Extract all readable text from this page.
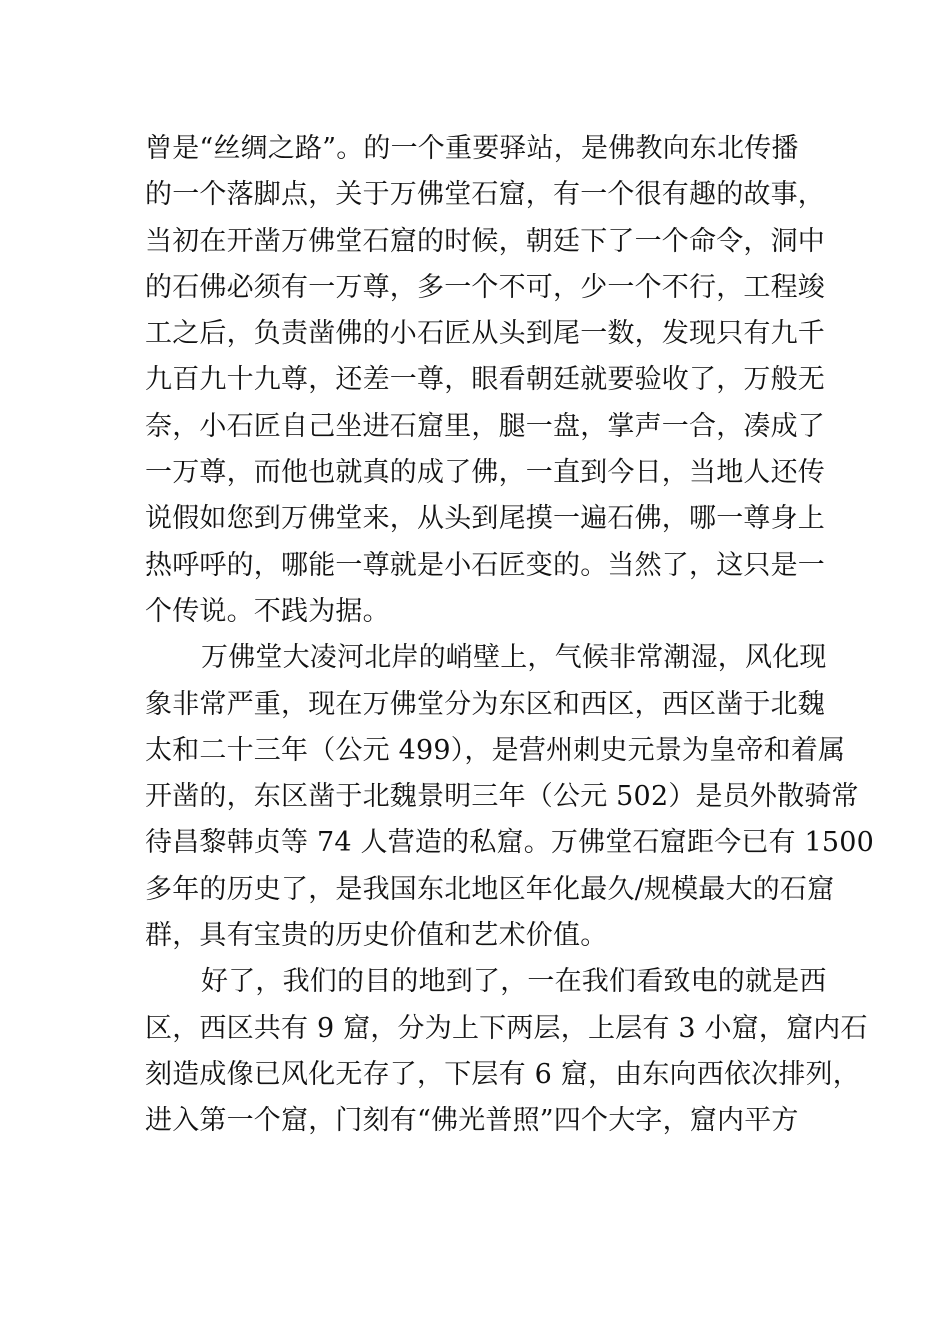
曾是“丝绸之路”。的一个重要驿站，是佛教向东北传播
的一个落脚点，关于万佛堂石窟，有一个很有趣的故事，
当初在开凿万佛堂石窟的时候，朝廷下了一个命令，洞中
的石佛必须有一万尊，多一个不可，少一个不行，工程竣
工之后，负责凿佛的小石匠从头到尾一数，发现只有九千
九百九十九尊，还差一尊，眼看朝廷就要验收了，万般无
奈，小石匠自己坐进石窟里，腿一盘，掌声一合，凑成了
一万尊，而他也就真的成了佛，一直到今日，当地人还传
说假如您到万佛堂来，从头到尾摸一遍石佛，哪一尊身上
热呼呼的，哪能一尊就是小石匠变的。当然了，这只是一
个传说。不践为据。
万佛堂大凌河北岸的峭壁上，气候非常潮湿，风化现
象非常严重，现在万佛堂分为东区和西区，西区凿于北魏
太和二十三年（公元 499），是营州刺史元景为皇帝和着属
开凿的，东区凿于北魏景明三年（公元 502）是员外散骑常
待昌黎韩贞等 74 人营造的私窟。万佛堂石窟距今已有 1500
多年的历史了，是我国东北地区年化最久/规模最大的石窟
群，具有宝贵的历史价值和艺术价值。
好了，我们的目的地到了，一在我们看致电的就是西
区，西区共有 9 窟，分为上下两层，上层有 3 小窟，窟内石
刻造成像已风化无存了，下层有 6 窟，由东向西依次排列，
进入第一个窟，门刻有“佛光普照”四个大字，窟内平方
